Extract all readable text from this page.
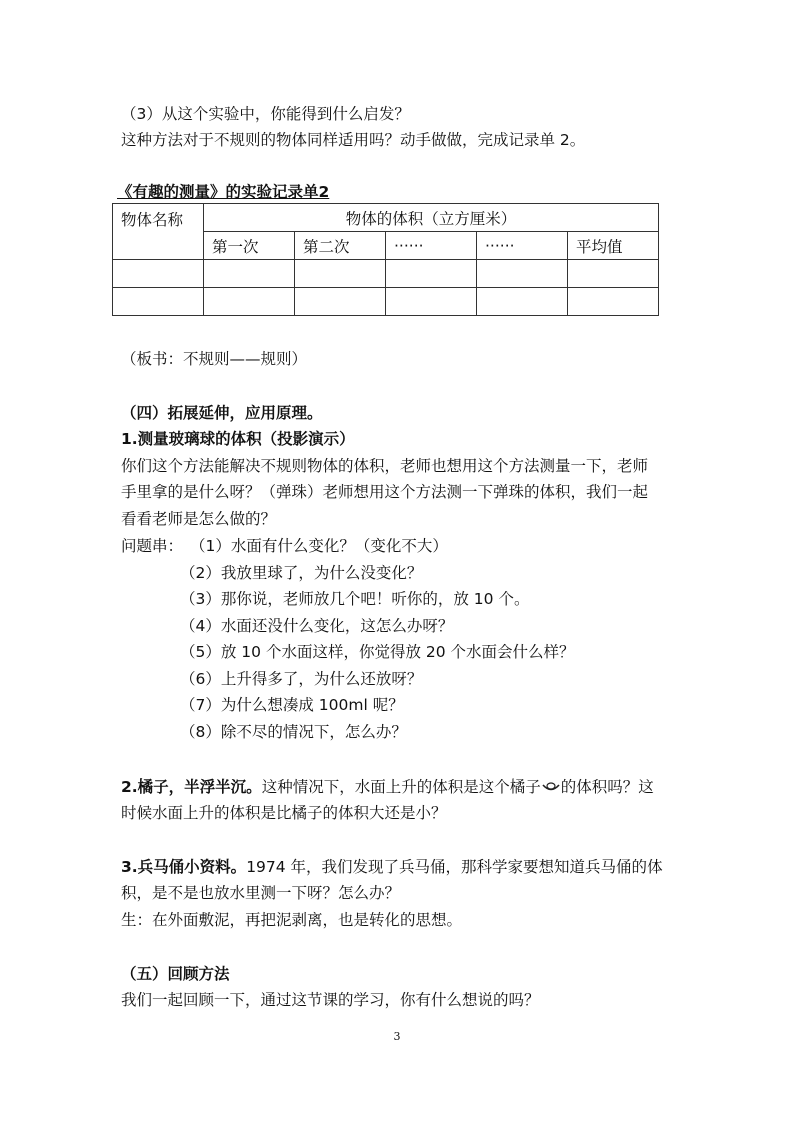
（3）从这个实验中，你能得到什么启发？
这种方法对于不规则的物体同样适用吗？动手做做，完成记录单 2。
《有趣的测量》的实验记录单2
物体名称	物体的体积（立方厘米）				
	第一次	第二次	······	······	平均值

（板书：不规则——规则）
（四）拓展延伸，应用原理。
1.测量玻璃球的体积（投影演示）
你们这个方法能解决不规则物体的体积，老师也想用这个方法测量一下，老师
手里拿的是什么呀？（弹珠）老师想用这个方法测一下弹珠的体积，我们一起
看看老师是怎么做的？
问题串： （1）水面有什么变化？（变化不大）
（2）我放里球了，为什么没变化？
（3）那你说，老师放几个吧！听你的，放 10 个。
（4）水面还没什么变化，这怎么办呀？
（5）放 10 个水面这样，你觉得放 20 个水面会什么样？
（6）上升得多了，为什么还放呀？
（7）为什么想凑成 100ml 呢？
（8）除不尽的情况下，怎么办？
2.橘子，半浮半沉。这种情况下，水面上升的体积是这个橘子 的体积吗？这
时候水面上升的体积是比橘子的体积大还是小？
3.兵马俑小资料。1974 年，我们发现了兵马俑，那科学家要想知道兵马俑的体
积，是不是也放水里测一下呀？怎么办？
生：在外面敷泥，再把泥剥离，也是转化的思想。
（五）回顾方法
我们一起回顾一下，通过这节课的学习，你有什么想说的吗？
3
